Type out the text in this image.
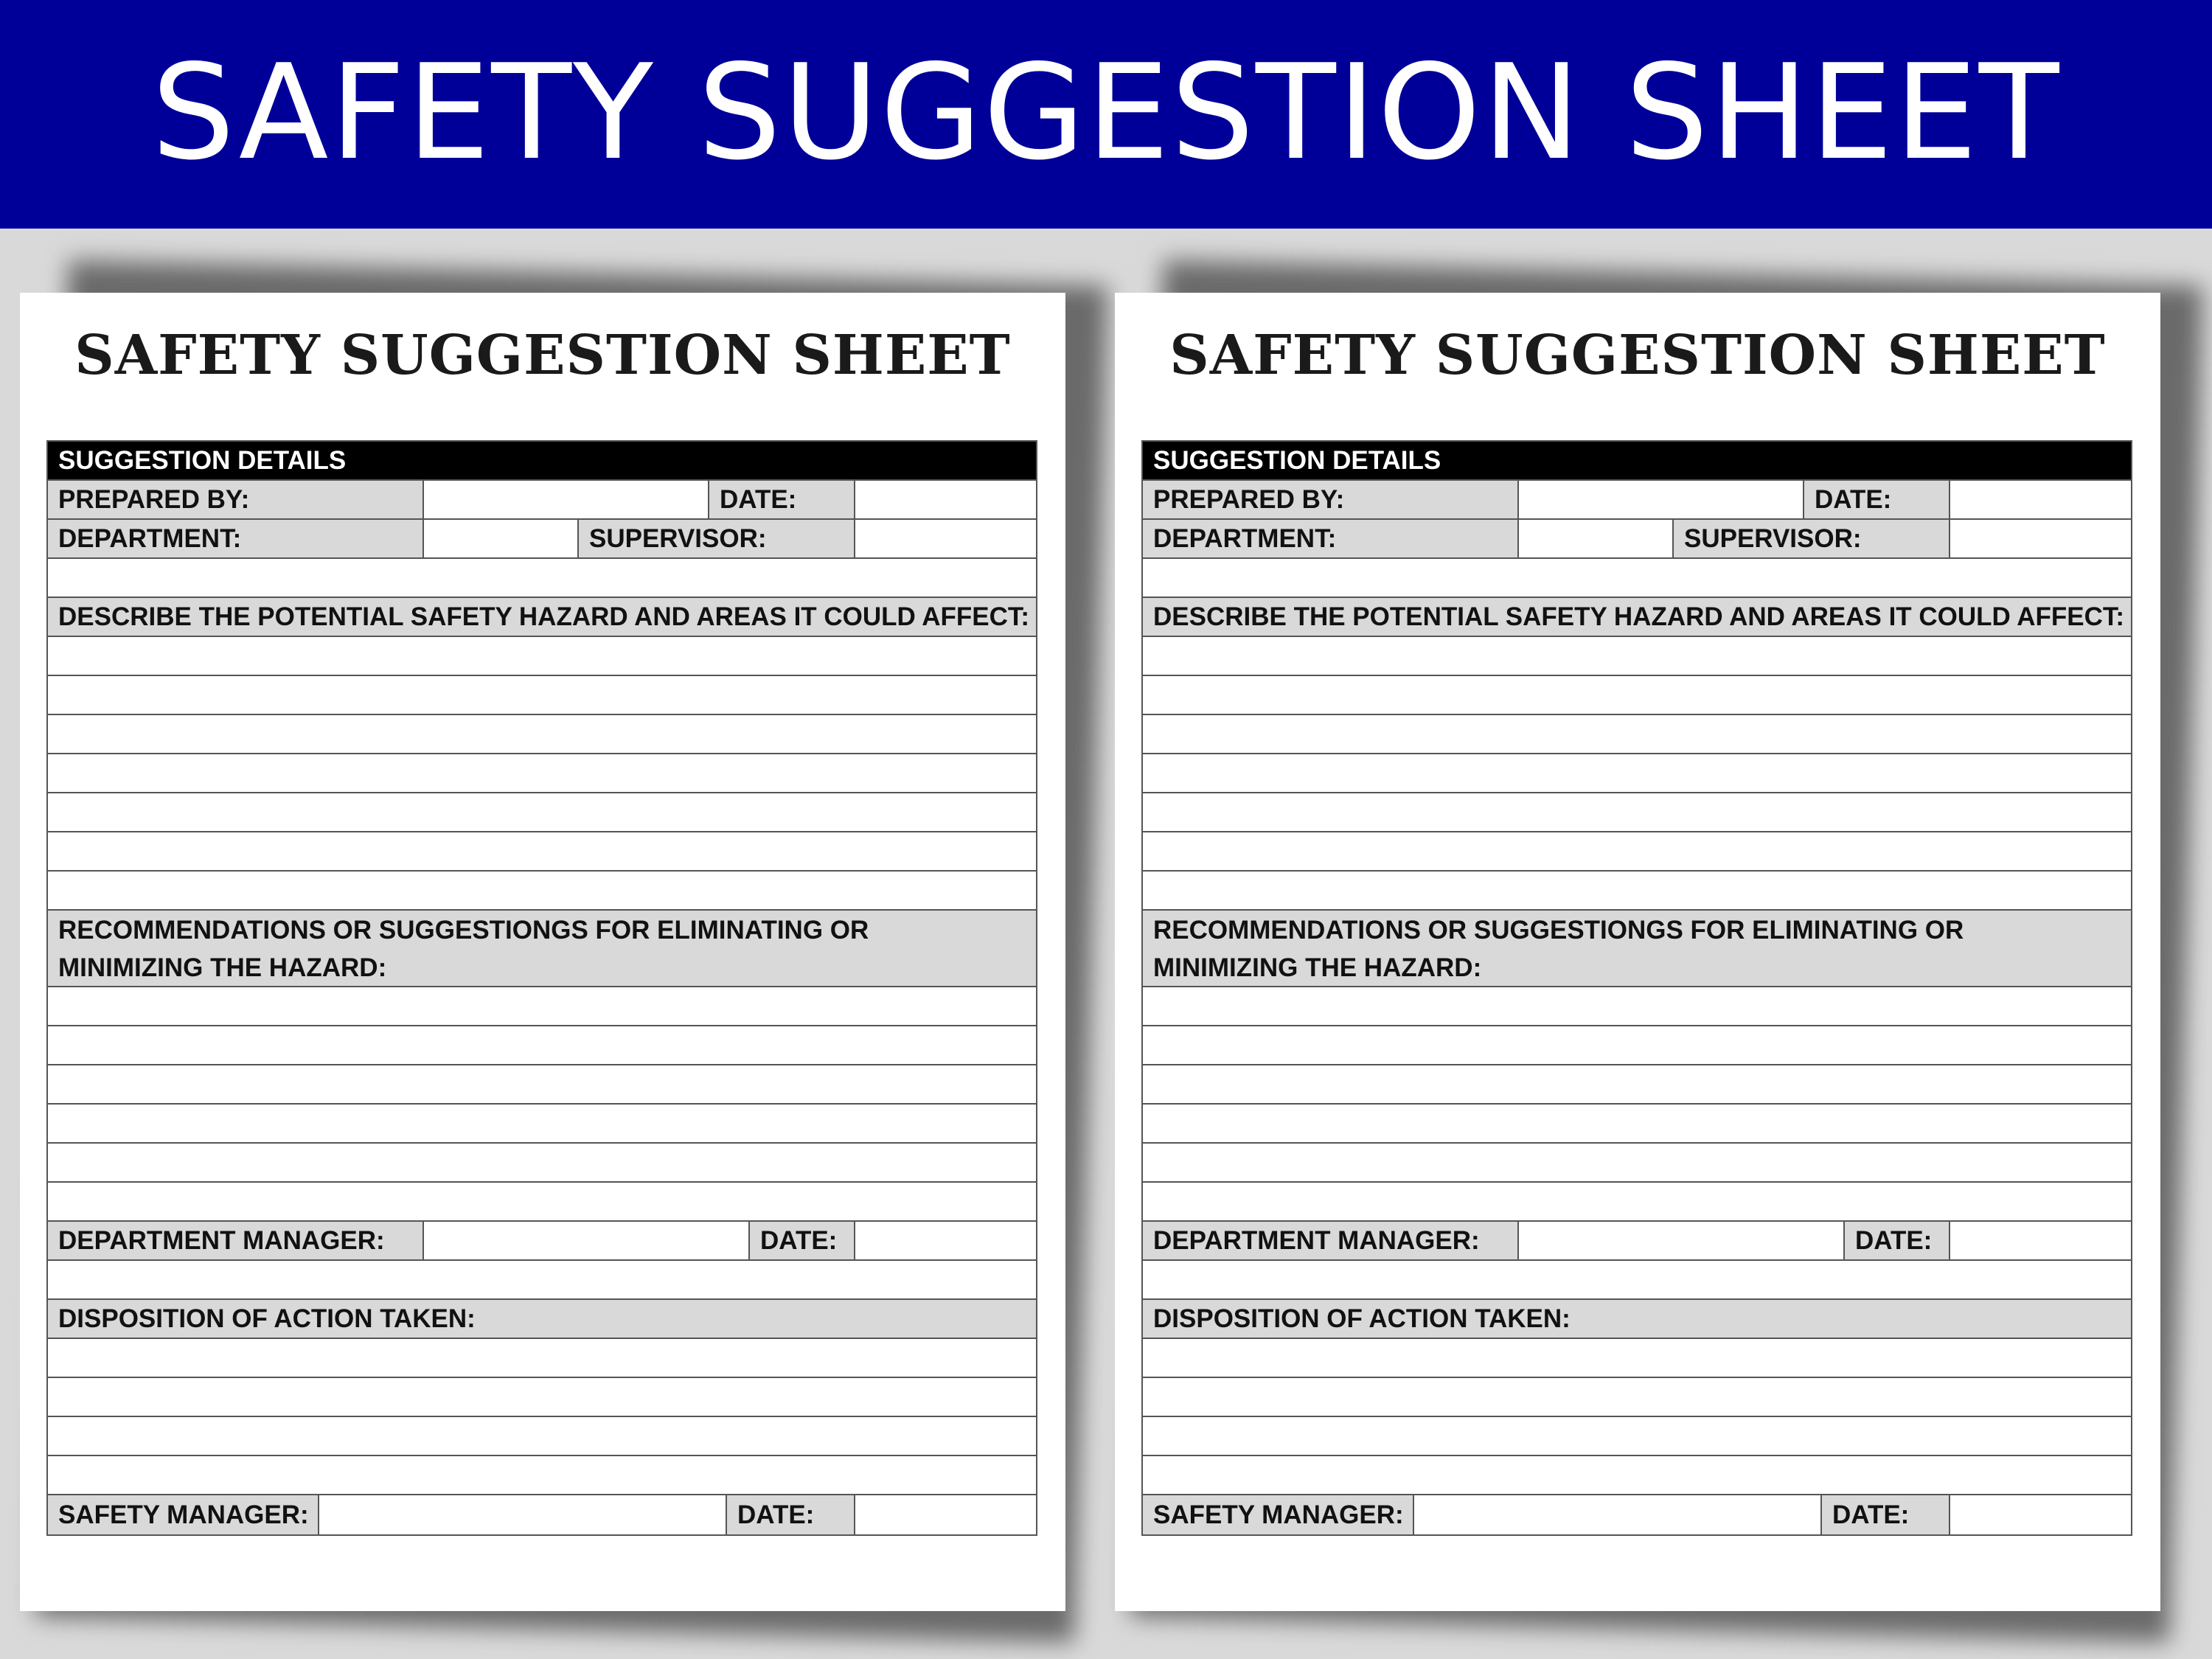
SAFETY SUGGESTION SHEET
SAFETY SUGGESTION SHEET
SUGGESTION DETAILS
PREPARED BY:	DATE:
DEPARTMENT:	SUPERVISOR:
DESCRIBE THE POTENTIAL SAFETY HAZARD AND AREAS IT COULD AFFECT:
RECOMMENDATIONS OR SUGGESTIONGS FOR ELIMINATING OR MINIMIZING THE HAZARD:
DEPARTMENT MANAGER:	DATE:
DISPOSITION OF ACTION TAKEN:
SAFETY MANAGER:	DATE:
SAFETY SUGGESTION SHEET
SUGGESTION DETAILS
PREPARED BY:	DATE:
DEPARTMENT:	SUPERVISOR:
DESCRIBE THE POTENTIAL SAFETY HAZARD AND AREAS IT COULD AFFECT:
RECOMMENDATIONS OR SUGGESTIONGS FOR ELIMINATING OR MINIMIZING THE HAZARD:
DEPARTMENT MANAGER:	DATE:
DISPOSITION OF ACTION TAKEN:
SAFETY MANAGER:	DATE:
